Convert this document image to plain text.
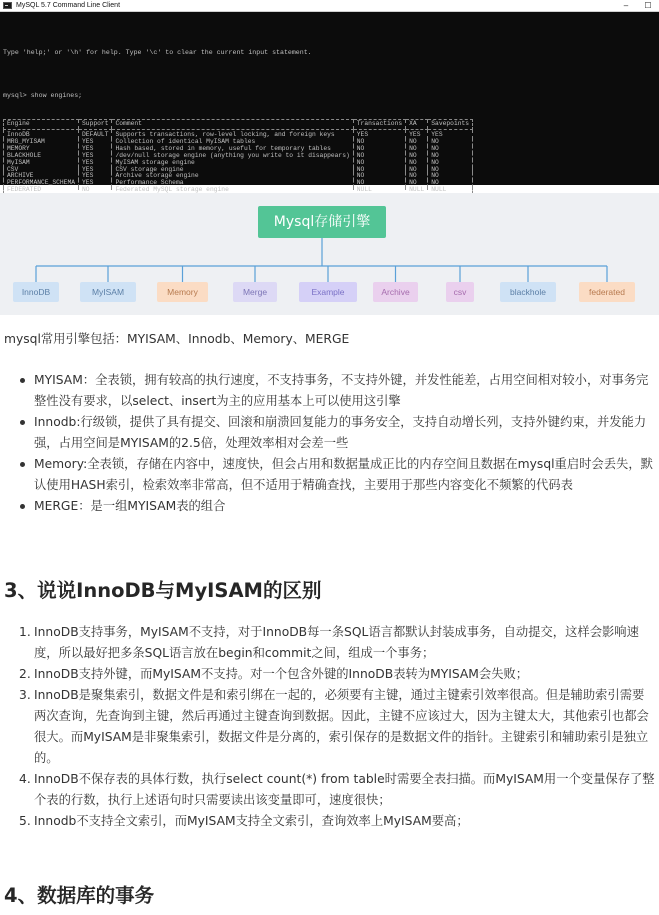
MySQL 5.7 Command Line Client	–	☐

Type 'help;' or '\h' for help. Type '\c' to clear the current input statement.

mysql> show engines;

Engine	Support	Comment	Transactions	XA	Savepoints
InnoDB	DEFAULT	Supports transactions, row-level locking, and foreign keys	YES	YES	YES
MRG_MYISAM	YES	Collection of identical MyISAM tables	NO	NO	NO
MEMORY	YES	Hash based, stored in memory, useful for temporary tables	NO	NO	NO
BLACKHOLE	YES	/dev/null storage engine (anything you write to it disappears)	NO	NO	NO
MyISAM	YES	MyISAM storage engine	NO	NO	NO
CSV	YES	CSV storage engine	NO	NO	NO
ARCHIVE	YES	Archive storage engine	NO	NO	NO
PERFORMANCE_SCHEMA	YES	Performance Schema	NO	NO	NO
FEDERATED	NO	Federated MySQL storage engine	NULL	NULL	NULL

Mysql存储引擎
InnoDB	MyISAM	Memory	Merge	Example	Archive	csv	blackhole	federated
mysql常用引擎包括：MYISAM、Innodb、Memory、MERGE
MYISAM：全表锁，拥有较高的执行速度，不支持事务，不支持外键，并发性能差，占用空间相对较小，对事务完整性没有要求，以select、insert为主的应用基本上可以使用这引擎
Innodb:行级锁，提供了具有提交、回滚和崩溃回复能力的事务安全，支持自动增长列，支持外键约束，并发能力强，占用空间是MYISAM的2.5倍，处理效率相对会差一些
Memory:全表锁，存储在内容中，速度快，但会占用和数据量成正比的内存空间且数据在mysql重启时会丢失，默认使用HASH索引，检索效率非常高，但不适用于精确查找，主要用于那些内容变化不频繁的代码表
MERGE：是一组MYISAM表的组合
3、说说InnoDB与MyISAM的区别
1. InnoDB支持事务，MyISAM不支持，对于InnoDB每一条SQL语言都默认封装成事务，自动提交，这样会影响速度，所以最好把多条SQL语言放在begin和commit之间，组成一个事务；
2. InnoDB支持外键，而MyISAM不支持。对一个包含外键的InnoDB表转为MYISAM会失败；
3. InnoDB是聚集索引，数据文件是和索引绑在一起的，必须要有主键，通过主键索引效率很高。但是辅助索引需要两次查询，先查询到主键，然后再通过主键查询到数据。因此，主键不应该过大，因为主键太大，其他索引也都会很大。而MyISAM是非聚集索引，数据文件是分离的，索引保存的是数据文件的指针。主键索引和辅助索引是独立的。
4. InnoDB不保存表的具体行数，执行select count(*) from table时需要全表扫描。而MyISAM用一个变量保存了整个表的行数，执行上述语句时只需要读出该变量即可，速度很快；
5. Innodb不支持全文索引，而MyISAM支持全文索引，查询效率上MyISAM要高；
4、数据库的事务
